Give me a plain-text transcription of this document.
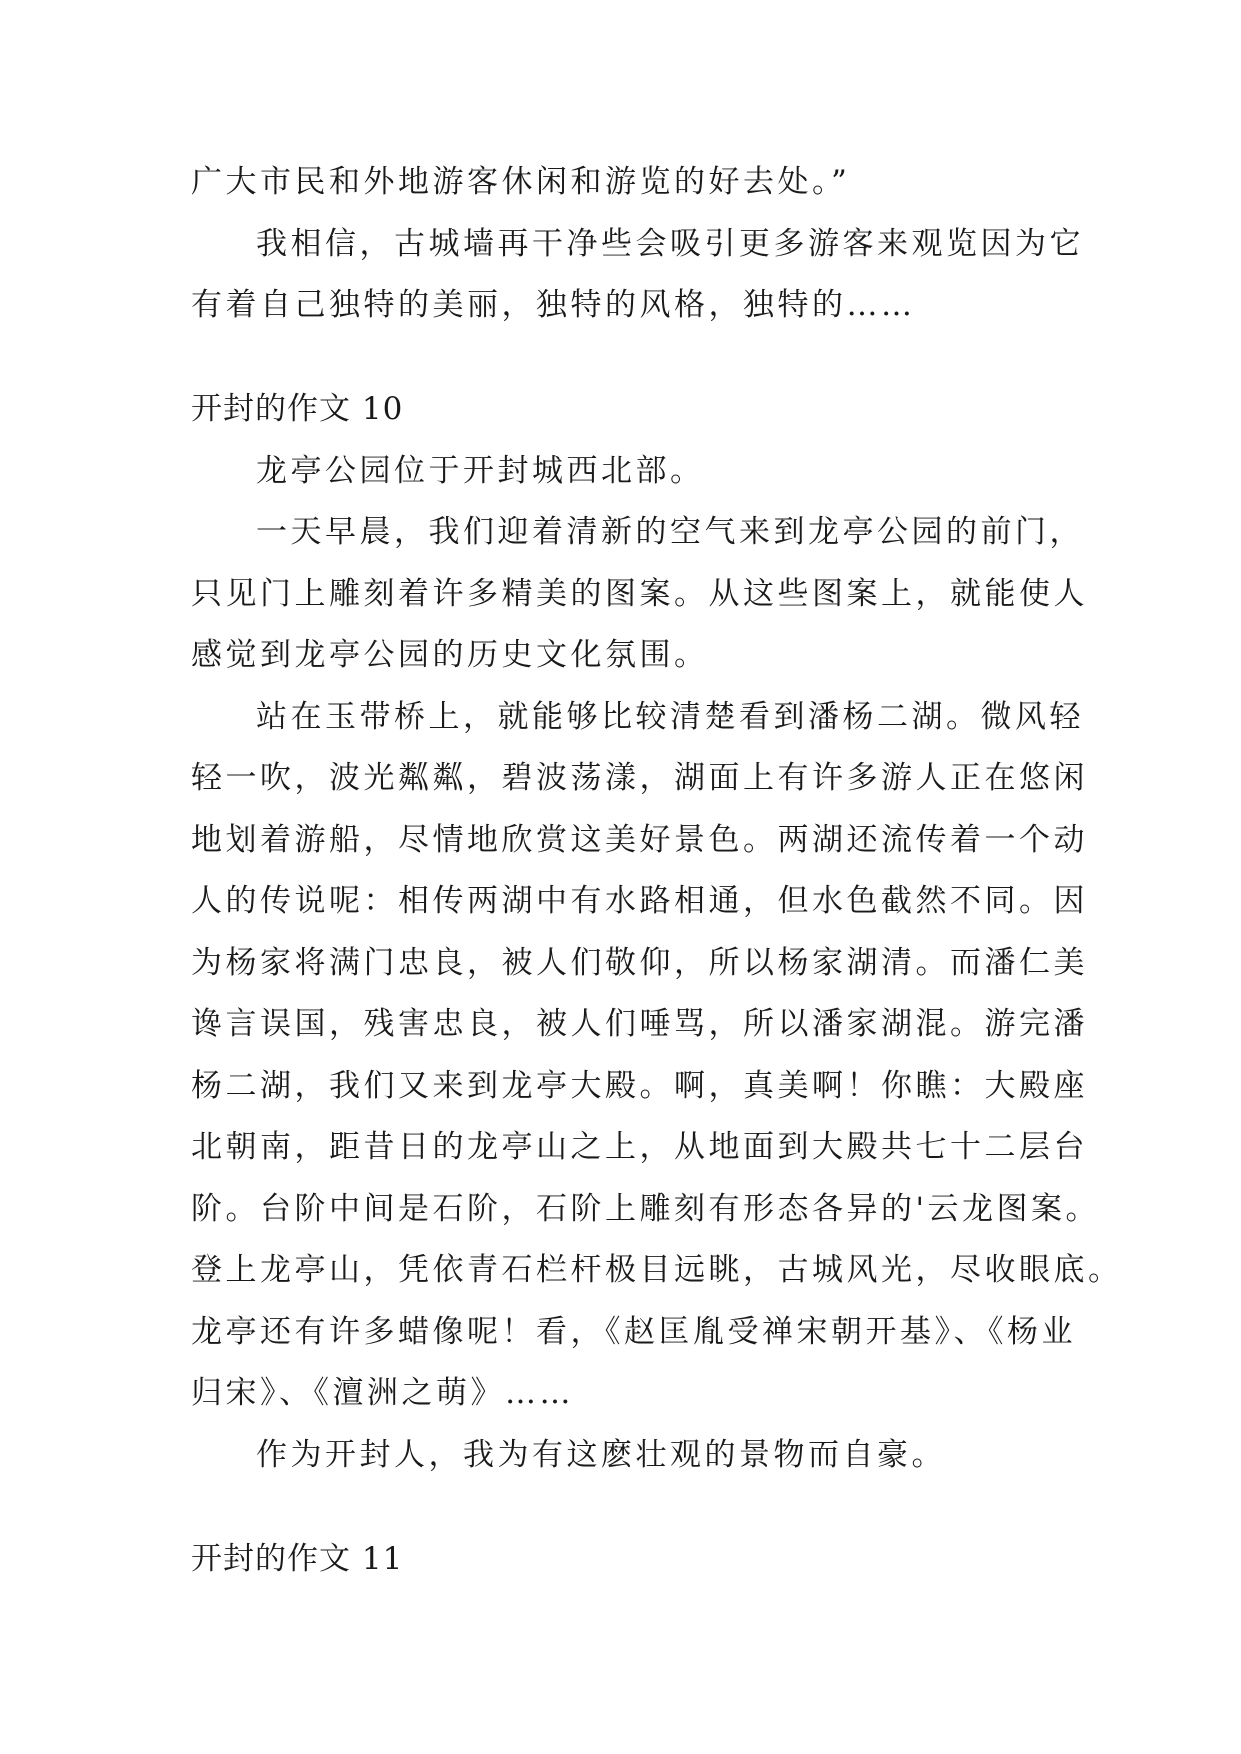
广大市民和外地游客休闲和游览的好去处。”
我相信，古城墙再干净些会吸引更多游客来观览因为它
有着自己独特的美丽，独特的风格，独特的……
开封的作文 10
龙亭公园位于开封城西北部。
一天早晨，我们迎着清新的空气来到龙亭公园的前门，
只见门上雕刻着许多精美的图案。从这些图案上，就能使人
感觉到龙亭公园的历史文化氛围。
站在玉带桥上，就能够比较清楚看到潘杨二湖。微风轻
轻一吹，波光粼粼，碧波荡漾，湖面上有许多游人正在悠闲
地划着游船，尽情地欣赏这美好景色。两湖还流传着一个动
人的传说呢：相传两湖中有水路相通，但水色截然不同。因
为杨家将满门忠良，被人们敬仰，所以杨家湖清。而潘仁美
谗言误国，残害忠良，被人们唾骂，所以潘家湖混。游完潘
杨二湖，我们又来到龙亭大殿。啊，真美啊！你瞧：大殿座
北朝南，距昔日的龙亭山之上，从地面到大殿共七十二层台
阶。台阶中间是石阶，石阶上雕刻有形态各异的'云龙图案。
登上龙亭山，凭依青石栏杆极目远眺，古城风光，尽收眼底。
龙亭还有许多蜡像呢！看，《赵匡胤受禅宋朝开基》、《杨业
归宋》、《澶洲之萌》……
作为开封人，我为有这麽壮观的景物而自豪。
开封的作文 11
